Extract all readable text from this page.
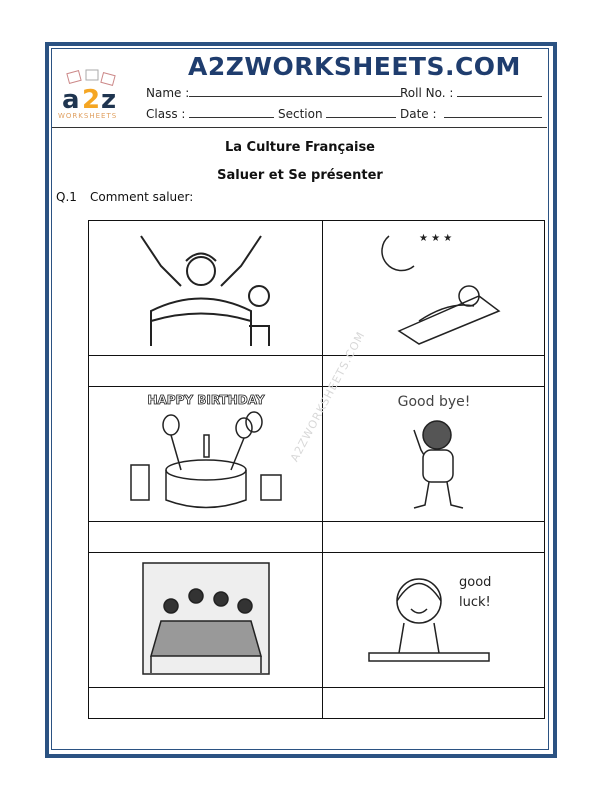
a 2 z
WORKSHEETS
A2ZWORKSHEETS.COM
Name :	Roll No. :
Class :	Section	Date :
La Culture Française
Saluer et Se présenter
Q.1 Comment saluer:

★ ★ ★

HAPPY BIRTHDAY	Good bye!

good
luck!

A2ZWORKSHEETS.COM
